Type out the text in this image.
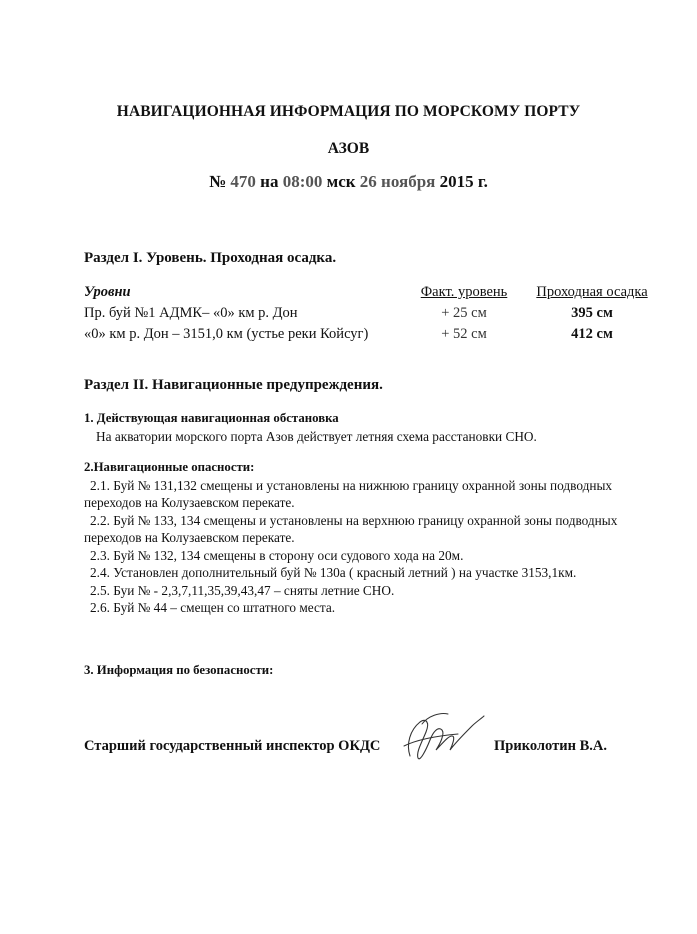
НАВИГАЦИОННАЯ ИНФОРМАЦИЯ ПО МОРСКОМУ ПОРТУ
АЗОВ
№ 470 на 08:00 мск 26 ноября 2015 г.
Раздел I. Уровень. Проходная осадка.
Уровни	Факт. уровень	Проходная осадка
Пр. буй №1 АДМК– «0» км р. Дон	+ 25 см	395 см
«0» км р. Дон – 3151,0 км (устье реки Койсуг)	+ 52 см	412 см
Раздел II. Навигационные предупреждения.
1. Действующая навигационная обстановка
На акватории морского порта Азов действует летняя схема расстановки СНО.
2.Навигационные опасности:
2.1. Буй № 131,132 смещены и установлены на нижнюю границу охранной зоны подводных
переходов на Колузаевском перекате.
2.2. Буй № 133, 134 смещены и установлены на верхнюю границу охранной зоны подводных
переходов на Колузаевском перекате.
2.3. Буй № 132, 134 смещены в сторону оси судового хода на 20м.
2.4. Установлен дополнительный буй № 130а ( красный летний ) на участке 3153,1км.
2.5. Буи № - 2,3,7,11,35,39,43,47 – сняты летние СНО.
2.6. Буй № 44 – смещен со штатного места.
3. Информация по безопасности:
Старший государственный инспектор ОКДС	Приколотин В.А.
